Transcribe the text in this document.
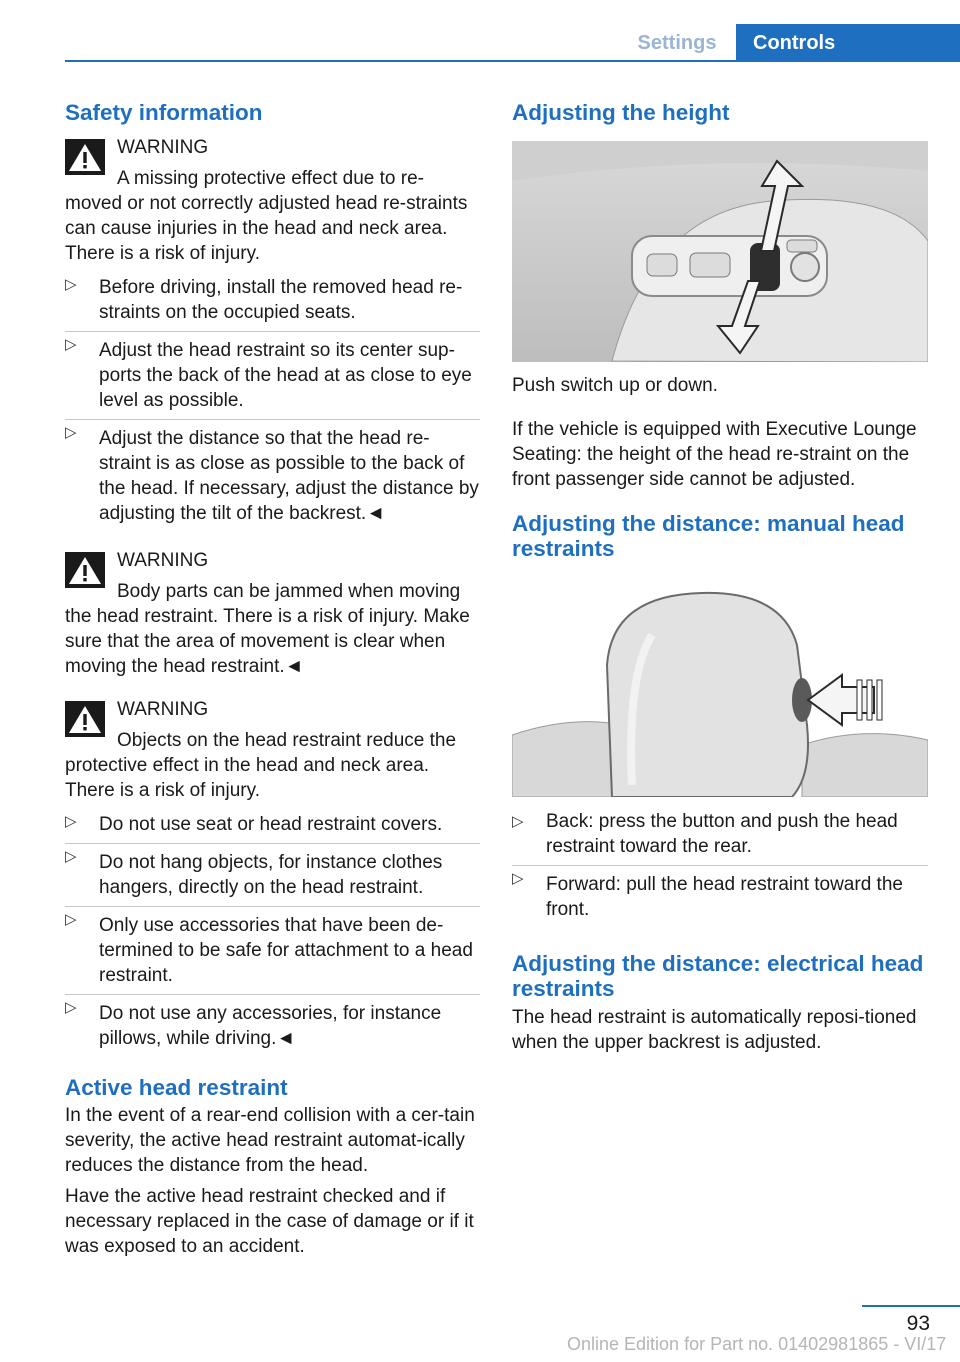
Settings	Controls
Safety information
WARNING

A missing protective effect due to re‐moved or not correctly adjusted head re‐straints can cause injuries in the head and neck area. There is a risk of injury.

▷	Before driving, install the removed head re‐straints on the occupied seats.
▷	Adjust the head restraint so its center sup‐ports the back of the head at as close to eye level as possible.
▷	Adjust the distance so that the head re‐straint is as close as possible to the back of the head. If necessary, adjust the distance by adjusting the tilt of the backrest.◄
WARNING

Body parts can be jammed when moving the head restraint. There is a risk of injury. Make sure that the area of movement is clear when moving the head restraint.◄

WARNING

Objects on the head restraint reduce the protective effect in the head and neck area. There is a risk of injury.

▷	Do not use seat or head restraint covers.
▷	Do not hang objects, for instance clothes hangers, directly on the head restraint.
▷	Only use accessories that have been de‐termined to be safe for attachment to a head restraint.
▷	Do not use any accessories, for instance pillows, while driving.◄
Active head restraint

In the event of a rear-end collision with a cer‐tain severity, the active head restraint automat‐ically reduces the distance from the head.

Have the active head restraint checked and if necessary replaced in the case of damage or if it was exposed to an accident.

Adjusting the height

Push switch up or down.

If the vehicle is equipped with Executive Lounge Seating: the height of the head re‐straint on the front passenger side cannot be adjusted.

Adjusting the distance: manual head restraints
▷	Back: press the button and push the head restraint toward the rear.
▷	Forward: pull the head restraint toward the front.
Adjusting the distance: electrical head restraints

The head restraint is automatically reposi‐tioned when the upper backrest is adjusted.

93
Online Edition for Part no. 01402981865 - VI/17
